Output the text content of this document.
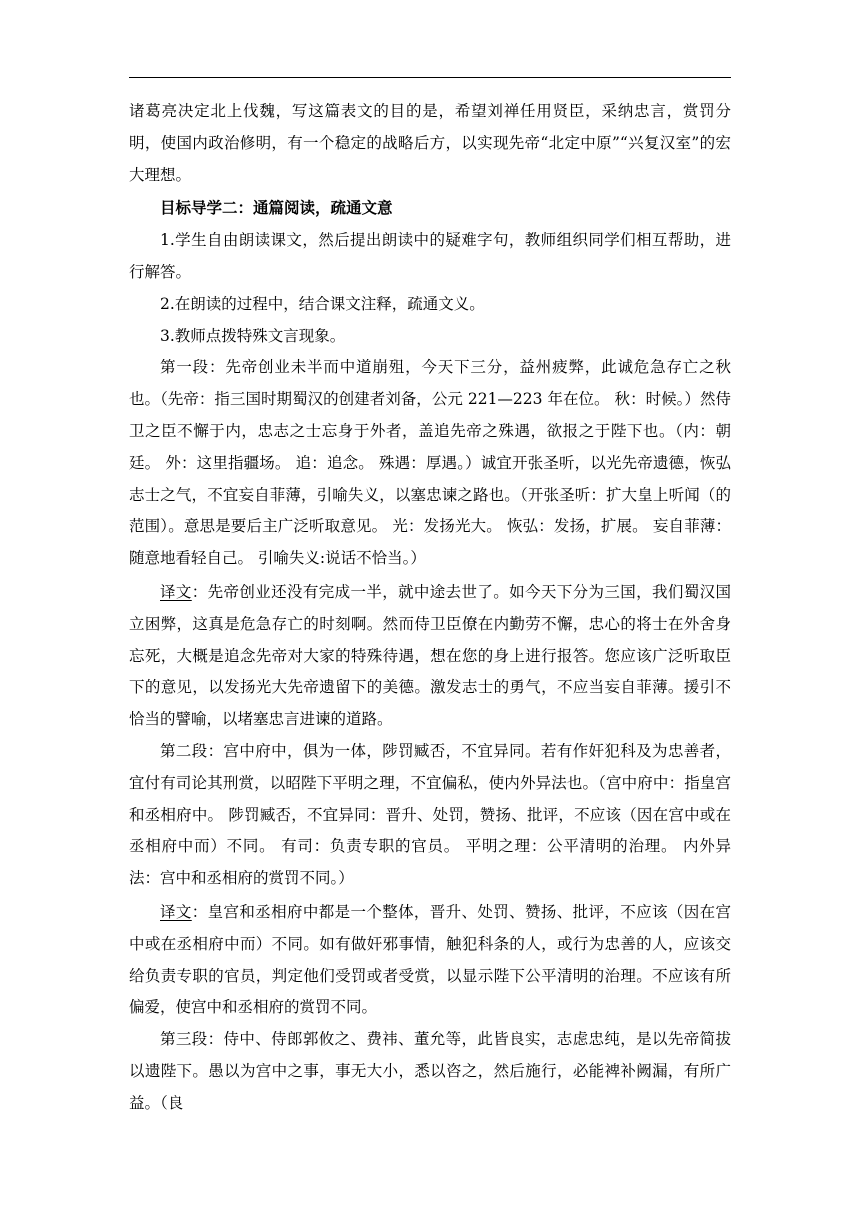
诸葛亮决定北上伐魏，写这篇表文的目的是，希望刘禅任用贤臣，采纳忠言，赏罚分明，使国内政治修明，有一个稳定的战略后方，以实现先帝“北定中原”“兴复汉室”的宏大理想。

目标导学二：通篇阅读，疏通文意

1.学生自由朗读课文，然后提出朗读中的疑难字句，教师组织同学们相互帮助，进行解答。

2.在朗读的过程中，结合课文注释，疏通文义。

3.教师点拨特殊文言现象。

第一段：先帝创业未半而中道崩殂，今天下三分，益州疲弊，此诚危急存亡之秋也。（先帝：指三国时期蜀汉的创建者刘备，公元 221—223 年在位。 秋：时候。）然侍卫之臣不懈于内，忠志之士忘身于外者，盖追先帝之殊遇，欲报之于陛下也。（内：朝廷。 外：这里指疆场。 追：追念。 殊遇：厚遇。）诚宜开张圣听，以光先帝遗德，恢弘志士之气，不宜妄自菲薄，引喻失义，以塞忠谏之路也。（开张圣听：扩大皇上听闻（的范围）。意思是要后主广泛听取意见。 光：发扬光大。 恢弘：发扬，扩展。 妄自菲薄：随意地看轻自己。 引喻失义:说话不恰当。）

译文：先帝创业还没有完成一半，就中途去世了。如今天下分为三国，我们蜀汉国立困弊，这真是危急存亡的时刻啊。然而侍卫臣僚在内勤劳不懈，忠心的将士在外舍身忘死，大概是追念先帝对大家的特殊待遇，想在您的身上进行报答。您应该广泛听取臣下的意见，以发扬光大先帝遗留下的美德。激发志士的勇气，不应当妄自菲薄。援引不恰当的譬喻，以堵塞忠言进谏的道路。

第二段：宫中府中，俱为一体，陟罚臧否，不宜异同。若有作奸犯科及为忠善者，宜付有司论其刑赏，以昭陛下平明之理，不宜偏私，使内外异法也。（宫中府中：指皇宫和丞相府中。 陟罚臧否，不宜异同：晋升、处罚，赞扬、批评，不应该（因在宫中或在丞相府中而）不同。 有司：负责专职的官员。 平明之理：公平清明的治理。 内外异法：宫中和丞相府的赏罚不同。）

译文：皇宫和丞相府中都是一个整体，晋升、处罚、赞扬、批评，不应该（因在宫中或在丞相府中而）不同。如有做奸邪事情，触犯科条的人，或行为忠善的人，应该交给负责专职的官员，判定他们受罚或者受赏，以显示陛下公平清明的治理。不应该有所偏爱，使宫中和丞相府的赏罚不同。

第三段：侍中、侍郎郭攸之、费祎、董允等，此皆良实，志虑忠纯，是以先帝简拔以遗陛下。愚以为宫中之事，事无大小，悉以咨之，然后施行，必能裨补阙漏，有所广益。（良
